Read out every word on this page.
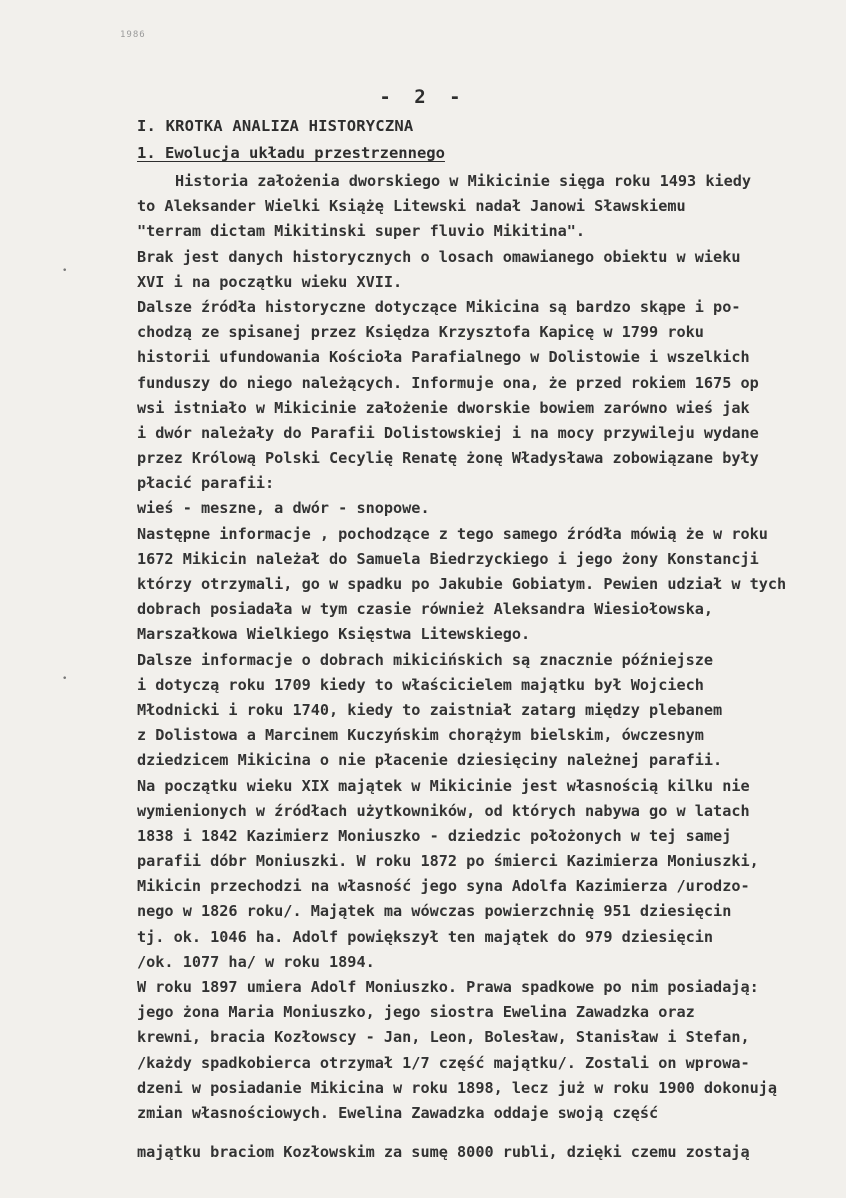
1986
•
•
- 2 -
I. KROTKA ANALIZA HISTORYCZNA
1. Ewolucja układu przestrzennego
Historia założenia dworskiego w Mikicinie sięga roku 1493 kiedy
to Aleksander Wielki Książę Litewski nadał Janowi Sławskiemu
"terram dictam Mikitinski super fluvio Mikitina".
Brak jest danych historycznych o losach omawianego obiektu w wieku
XVI i na początku wieku XVII.
Dalsze źródła historyczne dotyczące Mikicina są bardzo skąpe i po-
chodzą ze spisanej przez Księdza Krzysztofa Kapicę w 1799 roku
historii ufundowania Kościoła Parafialnego w Dolistowie i wszelkich
funduszy do niego należących. Informuje ona, że przed rokiem 1675 op
wsi istniało w Mikicinie założenie dworskie bowiem zarówno wieś jak
i dwór należały do Parafii Dolistowskiej i na mocy przywileju wydane
przez Królową Polski Cecylię Renatę żonę Władysława zobowiązane były
płacić parafii:
wieś - meszne, a dwór - snopowe.
Następne informacje , pochodzące z tego samego źródła mówią że w roku
1672 Mikicin należał do Samuela Biedrzyckiego i jego żony Konstancji
którzy otrzymali, go w spadku po Jakubie Gobiatym. Pewien udział w tych
dobrach posiadała w tym czasie również Aleksandra Wiesiołowska,
Marszałkowa Wielkiego Księstwa Litewskiego.
Dalsze informacje o dobrach mikicińskich są znacznie późniejsze
i dotyczą roku 1709 kiedy to właścicielem majątku był Wojciech
Młodnicki i roku 1740, kiedy to zaistniał zatarg między plebanem
z Dolistowa a Marcinem Kuczyńskim chorążym bielskim, ówczesnym
dziedzicem Mikicina o nie płacenie dziesięciny należnej parafii.
Na początku wieku XIX majątek w Mikicinie jest własnością kilku nie
wymienionych w źródłach użytkowników, od których nabywa go w latach
1838 i 1842 Kazimierz Moniuszko - dziedzic położonych w tej samej
parafii dóbr Moniuszki. W roku 1872 po śmierci Kazimierza Moniuszki,
Mikicin przechodzi na własność jego syna Adolfa Kazimierza /urodzo-
nego w 1826 roku/. Majątek ma wówczas powierzchnię 951 dziesięcin
tj. ok. 1046 ha. Adolf powiększył ten majątek do 979 dziesięcin
/ok. 1077 ha/ w roku 1894.
W roku 1897 umiera Adolf Moniuszko. Prawa spadkowe po nim posiadają:
jego żona Maria Moniuszko, jego siostra Ewelina Zawadzka oraz
krewni, bracia Kozłowscy - Jan, Leon, Bolesław, Stanisław i Stefan,
/każdy spadkobierca otrzymał 1/7 część majątku/. Zostali on wprowa-
dzeni w posiadanie Mikicina w roku 1898, lecz już w roku 1900 dokonują
zmian własnościowych. Ewelina Zawadzka oddaje swoją część
majątku braciom Kozłowskim za sumę 8000 rubli, dzięki czemu zostają
